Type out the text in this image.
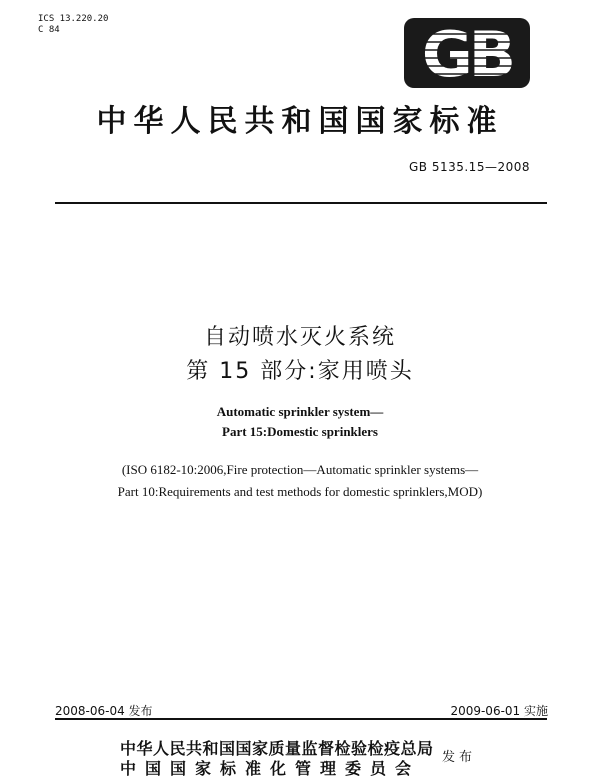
ICS 13.220.20
C 84	GB
中华人民共和国国家标准
GB 5135.15—2008
自动喷水灭火系统
第 15 部分:家用喷头
Automatic sprinkler system—
Part 15:Domestic sprinklers
(ISO 6182-10:2006,Fire protection—Automatic sprinkler systems—
Part 10:Requirements and test methods for domestic sprinklers,MOD)
2008-06-04 发布	2009-06-01 实施
中华人民共和国国家质量监督检验检疫总局
中国国家标准化管理委员会
发布
